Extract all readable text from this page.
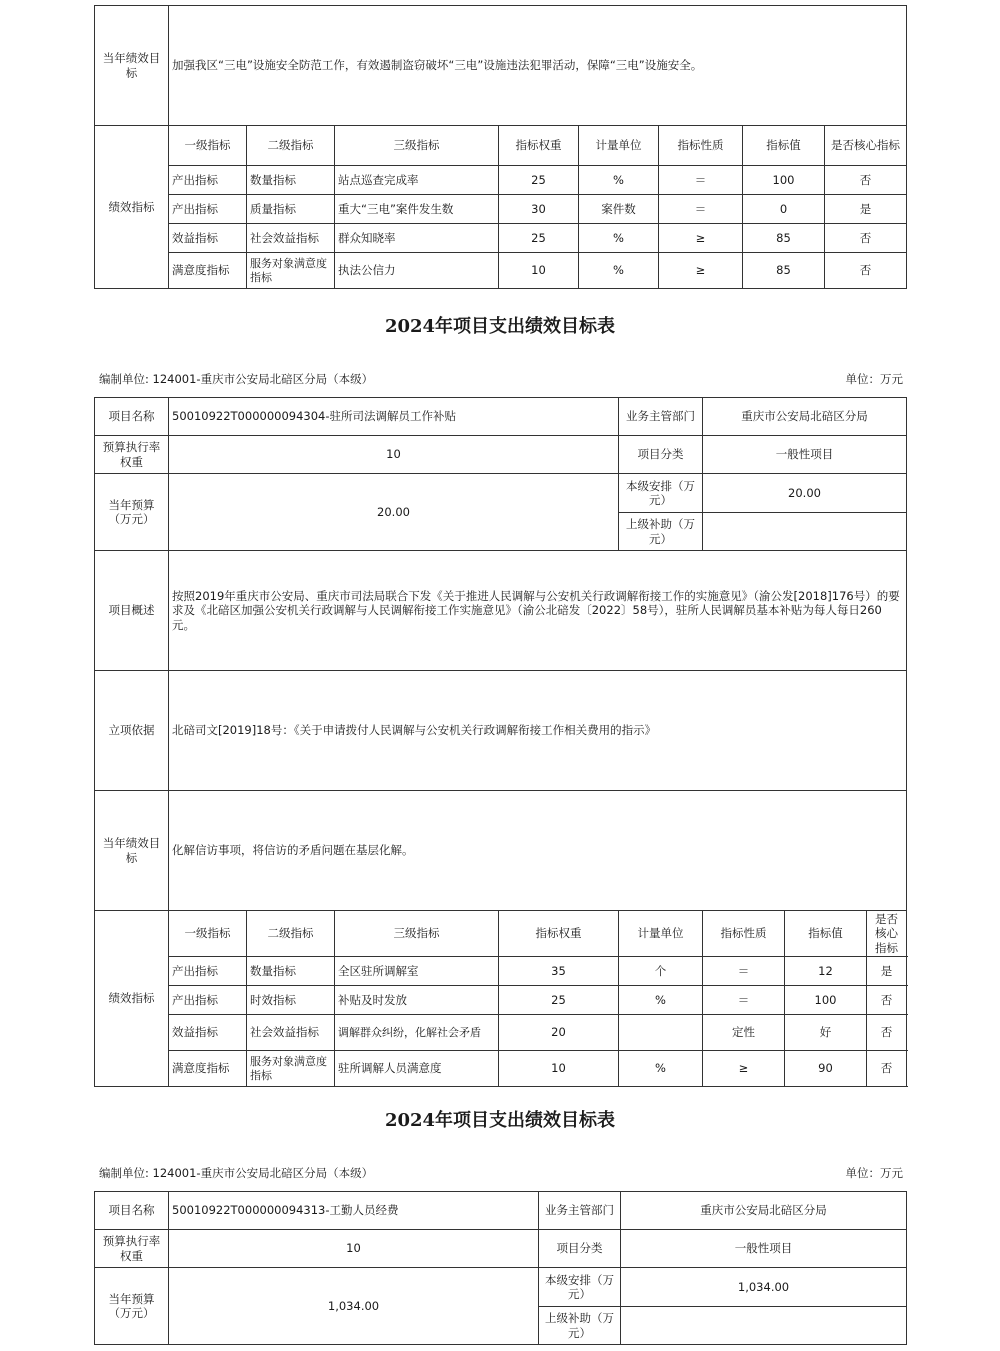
当年绩效目标	加强我区“三电”设施安全防范工作，有效遏制盗窃破坏“三电”设施违法犯罪活动，保障“三电”设施安全。							
绩效指标	一级指标	二级指标	三级指标	指标权重	计量单位	指标性质	指标值	是否核心指标
	产出指标	数量指标	站点巡查完成率	25	%	＝	100	否
	产出指标	质量指标	重大“三电”案件发生数	30	案件数	＝	0	是
	效益指标	社会效益指标	群众知晓率	25	%	≥	85	否
	满意度指标	服务对象满意度指标	执法公信力	10	%	≥	85	否
2024年项目支出绩效目标表
编制单位: 124001-重庆市公安局北碚区分局（本级）	单位：万元
项目名称	50010922T000000094304-驻所司法调解员工作补贴				业务主管部门	重庆市公安局北碚区分局		
预算执行率权重	10				项目分类	一般性项目		
当年预算（万元）	20.00				本级安排（万元）	20.00		
					上级补助（万元）			
项目概述	按照2019年重庆市公安局、重庆市司法局联合下发《关于推进人民调解与公安机关行政调解衔接工作的实施意见》（渝公发[2018]176号）的要求及《北碚区加强公安机关行政调解与人民调解衔接工作实施意见》（渝公北碚发〔2022〕58号），驻所人民调解员基本补贴为每人每日260元。							
立项依据	北碚司文[2019]18号：《关于申请拨付人民调解与公安机关行政调解衔接工作相关费用的指示》							
当年绩效目标	化解信访事项，将信访的矛盾问题在基层化解。							
绩效指标	一级指标	二级指标	三级指标	指标权重	计量单位	指标性质	指标值	是否核心指标
	产出指标	数量指标	全区驻所调解室	35	个	＝	12	是
	产出指标	时效指标	补贴及时发放	25	%	＝	100	否
	效益指标	社会效益指标	调解群众纠纷，化解社会矛盾	20		定性	好	否
	满意度指标	服务对象满意度指标	驻所调解人员满意度	10	%	≥	90	否
2024年项目支出绩效目标表
编制单位: 124001-重庆市公安局北碚区分局（本级）	单位：万元
项目名称	50010922T000000094313-工勤人员经费	业务主管部门	重庆市公安局北碚区分局
预算执行率权重	10	项目分类	一般性项目
当年预算（万元）	1,034.00	本级安排（万元）	1,034.00
		上级补助（万元）	
